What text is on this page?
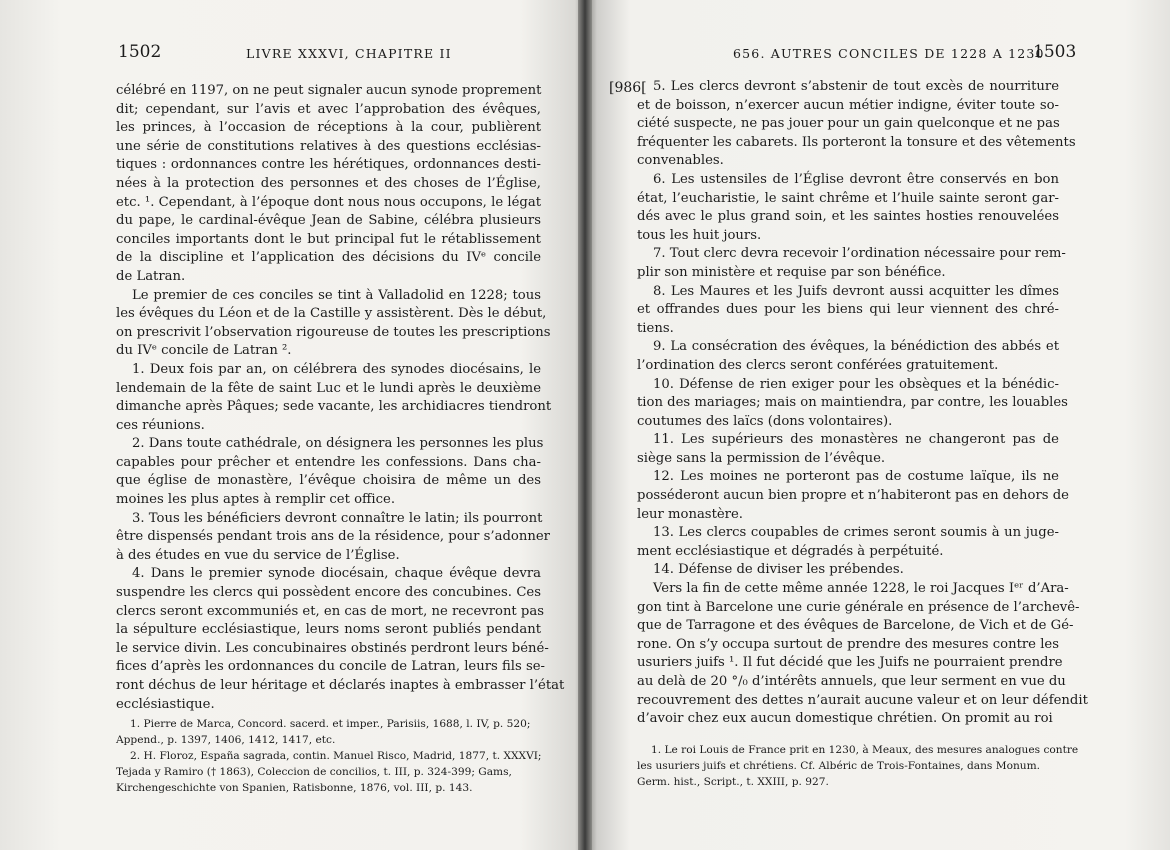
1502	LIVRE XXXVI, CHAPITRE II
célébré en 1197, on ne peut signaler aucun synode proprement
dit; cependant, sur l’avis et avec l’approbation des évêques,
les princes, à l’occasion de réceptions à la cour, publièrent
une série de constitutions relatives à des questions ecclésias-
tiques : ordonnances contre les hérétiques, ordonnances desti-
nées à la protection des personnes et des choses de l’Église,
etc. ¹. Cependant, à l’époque dont nous nous occupons, le légat
du pape, le cardinal-évêque Jean de Sabine, célébra plusieurs
conciles importants dont le but principal fut le rétablissement
de la discipline et l’application des décisions du IVᵉ concile
de Latran.
Le premier de ces conciles se tint à Valladolid en 1228; tous
les évêques du Léon et de la Castille y assistèrent. Dès le début,
on prescrivit l’observation rigoureuse de toutes les prescriptions
du IVᵉ concile de Latran ².
1. Deux fois par an, on célébrera des synodes diocésains, le
lendemain de la fête de saint Luc et le lundi après le deuxième
dimanche après Pâques; sede vacante, les archidiacres tiendront
ces réunions.
2. Dans toute cathédrale, on désignera les personnes les plus
capables pour prêcher et entendre les confessions. Dans cha-
que église de monastère, l’évêque choisira de même un des
moines les plus aptes à remplir cet office.
3. Tous les bénéficiers devront connaître le latin; ils pourront
être dispensés pendant trois ans de la résidence, pour s’adonner
à des études en vue du service de l’Église.
4. Dans le premier synode diocésain, chaque évêque devra
suspendre les clercs qui possèdent encore des concubines. Ces
clercs seront excommuniés et, en cas de mort, ne recevront pas
la sépulture ecclésiastique, leurs noms seront publiés pendant
le service divin. Les concubinaires obstinés perdront leurs béné-
fices d’après les ordonnances du concile de Latran, leurs fils se-
ront déchus de leur héritage et déclarés inaptes à embrasser l’état
ecclésiastique.
1. Pierre de Marca, Concord. sacerd. et imper., Parisiis, 1688, l. IV, p. 520;
Append., p. 1397, 1406, 1412, 1417, etc.
2. H. Floroz, España sagrada, contin. Manuel Risco, Madrid, 1877, t. XXXVI;
Tejada y Ramiro († 1863), Coleccion de concilios, t. III, p. 324-399; Gams,
Kirchengeschichte von Spanien, Ratisbonne, 1876, vol. III, p. 143.
[986[
656. AUTRES CONCILES DE 1228 A 1230
1503
5. Les clercs devront s’abstenir de tout excès de nourriture
et de boisson, n’exercer aucun métier indigne, éviter toute so-
ciété suspecte, ne pas jouer pour un gain quelconque et ne pas
fréquenter les cabarets. Ils porteront la tonsure et des vêtements
convenables.
6. Les ustensiles de l’Église devront être conservés en bon
état, l’eucharistie, le saint chrême et l’huile sainte seront gar-
dés avec le plus grand soin, et les saintes hosties renouvelées
tous les huit jours.
7. Tout clerc devra recevoir l’ordination nécessaire pour rem-
plir son ministère et requise par son bénéfice.
8. Les Maures et les Juifs devront aussi acquitter les dîmes
et offrandes dues pour les biens qui leur viennent des chré-
tiens.
9. La consécration des évêques, la bénédiction des abbés et
l’ordination des clercs seront conférées gratuitement.
10. Défense de rien exiger pour les obsèques et la bénédic-
tion des mariages; mais on maintiendra, par contre, les louables
coutumes des laïcs (dons volontaires).
11. Les supérieurs des monastères ne changeront pas de
siège sans la permission de l’évêque.
12. Les moines ne porteront pas de costume laïque, ils ne
posséderont aucun bien propre et n’habiteront pas en dehors de
leur monastère.
13. Les clercs coupables de crimes seront soumis à un juge-
ment ecclésiastique et dégradés à perpétuité.
14. Défense de diviser les prébendes.
Vers la fin de cette même année 1228, le roi Jacques Iᵉʳ d’Ara-
gon tint à Barcelone une curie générale en présence de l’archevê-
que de Tarragone et des évêques de Barcelone, de Vich et de Gé-
rone. On s’y occupa surtout de prendre des mesures contre les
usuriers juifs ¹. Il fut décidé que les Juifs ne pourraient prendre
au delà de 20 °/₀ d’intérêts annuels, que leur serment en vue du
recouvrement des dettes n’aurait aucune valeur et on leur défendit
d’avoir chez eux aucun domestique chrétien. On promit au roi
1. Le roi Louis de France prit en 1230, à Meaux, des mesures analogues contre
les usuriers juifs et chrétiens. Cf. Albéric de Trois-Fontaines, dans Monum.
Germ. hist., Script., t. XXIII, p. 927.
